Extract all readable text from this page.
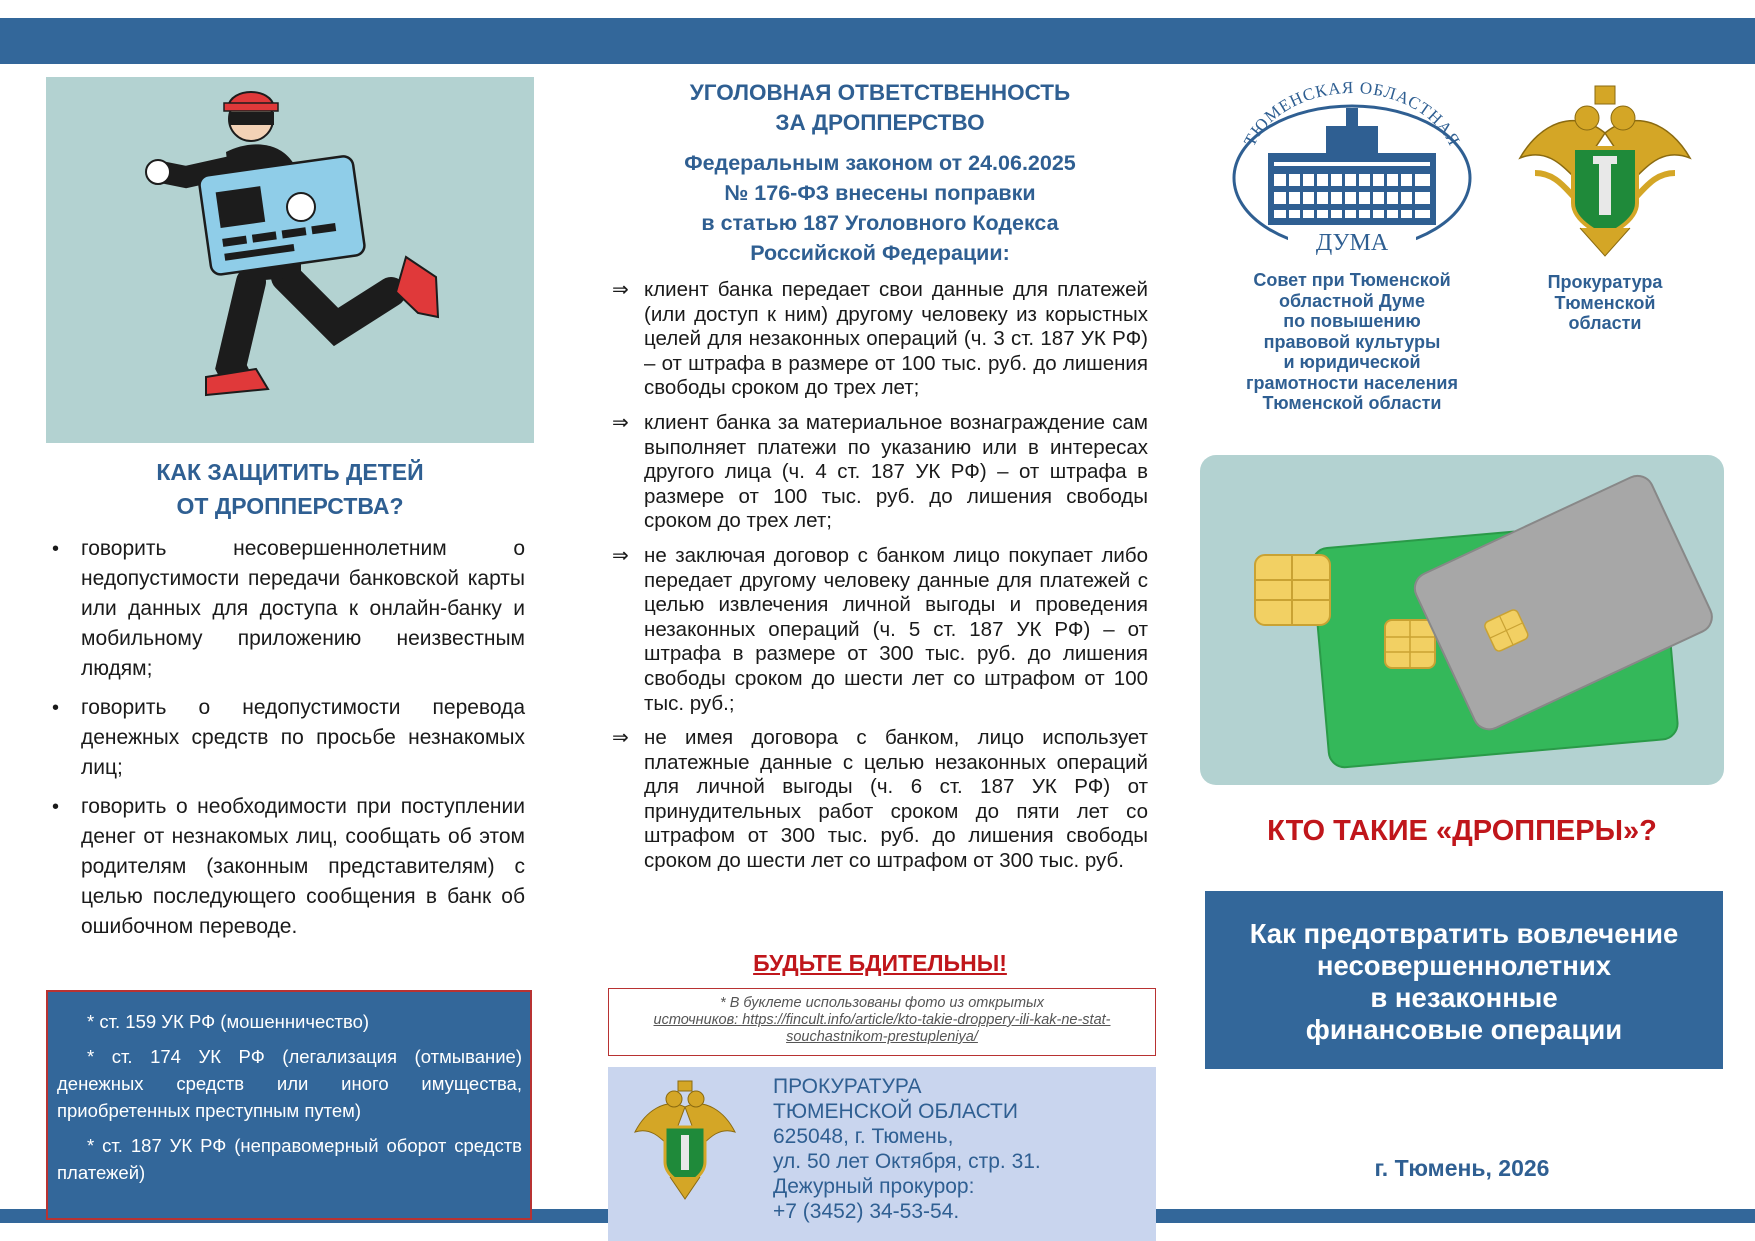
КАК ЗАЩИТИТЬ ДЕТЕЙ
ОТ ДРОППЕРСТВА?
• говорить несовершеннолетним о недопустимости передачи банковской карты или данных для доступа к онлайн-банку и мобильному приложению неизвестным людям;
• говорить о недопустимости перевода денежных средств по просьбе незнакомых лиц;
• говорить о необходимости при поступлении денег от незнакомых лиц, сообщать об этом родителям (законным представителям) с целью последующего сообщения в банк об ошибочном переводе.

* ст. 159 УК РФ (мошенничество)

* ст. 174 УК РФ (легализация (отмывание) денежных средств или иного имущества, приобретенных преступным путем)

* ст. 187 УК РФ (неправомерный оборот средств платежей)

УГОЛОВНАЯ ОТВЕТСТВЕННОСТЬ
ЗА ДРОППЕРСТВО
Федеральным законом от 24.06.2025
№ 176-ФЗ внесены поправки
в статью 187 Уголовного Кодекса
Российской Федерации:
⇒ клиент банка передает свои данные для платежей (или доступ к ним) другому человеку из корыстных целей для незаконных операций (ч. 3 ст. 187 УК РФ) – от штрафа в размере от 100 тыс. руб. до лишения свободы сроком до трех лет;
⇒ клиент банка за материальное вознаграждение сам выполняет платежи по указанию или в интересах другого лица (ч. 4 ст. 187 УК РФ) – от штрафа в размере от 100 тыс. руб. до лишения свободы сроком до трех лет;
⇒ не заключая договор с банком лицо покупает либо передает другому человеку данные для платежей с целью извлечения личной выгоды и проведения незаконных операций (ч. 5 ст. 187 УК РФ) – от штрафа в размере от 300 тыс. руб. до лишения свободы сроком до шести лет со штрафом от 100 тыс. руб.;
⇒ не имея договора с банком, лицо использует платежные данные с целью незаконных операций для личной выгоды (ч. 6 ст. 187 УК РФ) от принудительных работ сроком до пяти лет со штрафом от 300 тыс. руб. до лишения свободы сроком до шести лет со штрафом от 300 тыс. руб.
БУДЬТЕ БДИТЕЛЬНЫ!
* В буклете использованы фото из открытых
источников: https://fincult.info/article/kto-takie-droppery-ili-kak-ne-stat-
souchastnikom-prestupleniya/
ПРОКУРАТУРА
ТЮМЕНСКОЙ ОБЛАСТИ
625048, г. Тюмень,
ул. 50 лет Октября, стр. 31.
Дежурный прокурор:
+7 (3452) 34-53-54.
ТЮМЕНСКАЯ ОБЛАСТНАЯ
ДУМА
Совет при Тюменской
областной Думе
по повышению
правовой культуры
и юридической
грамотности населения
Тюменской области
Прокуратура
Тюменской
области
КТО ТАКИЕ «ДРОППЕРЫ»?
Как предотвратить вовлечение
несовершеннолетних
в незаконные
финансовые операции
г. Тюмень, 2026
